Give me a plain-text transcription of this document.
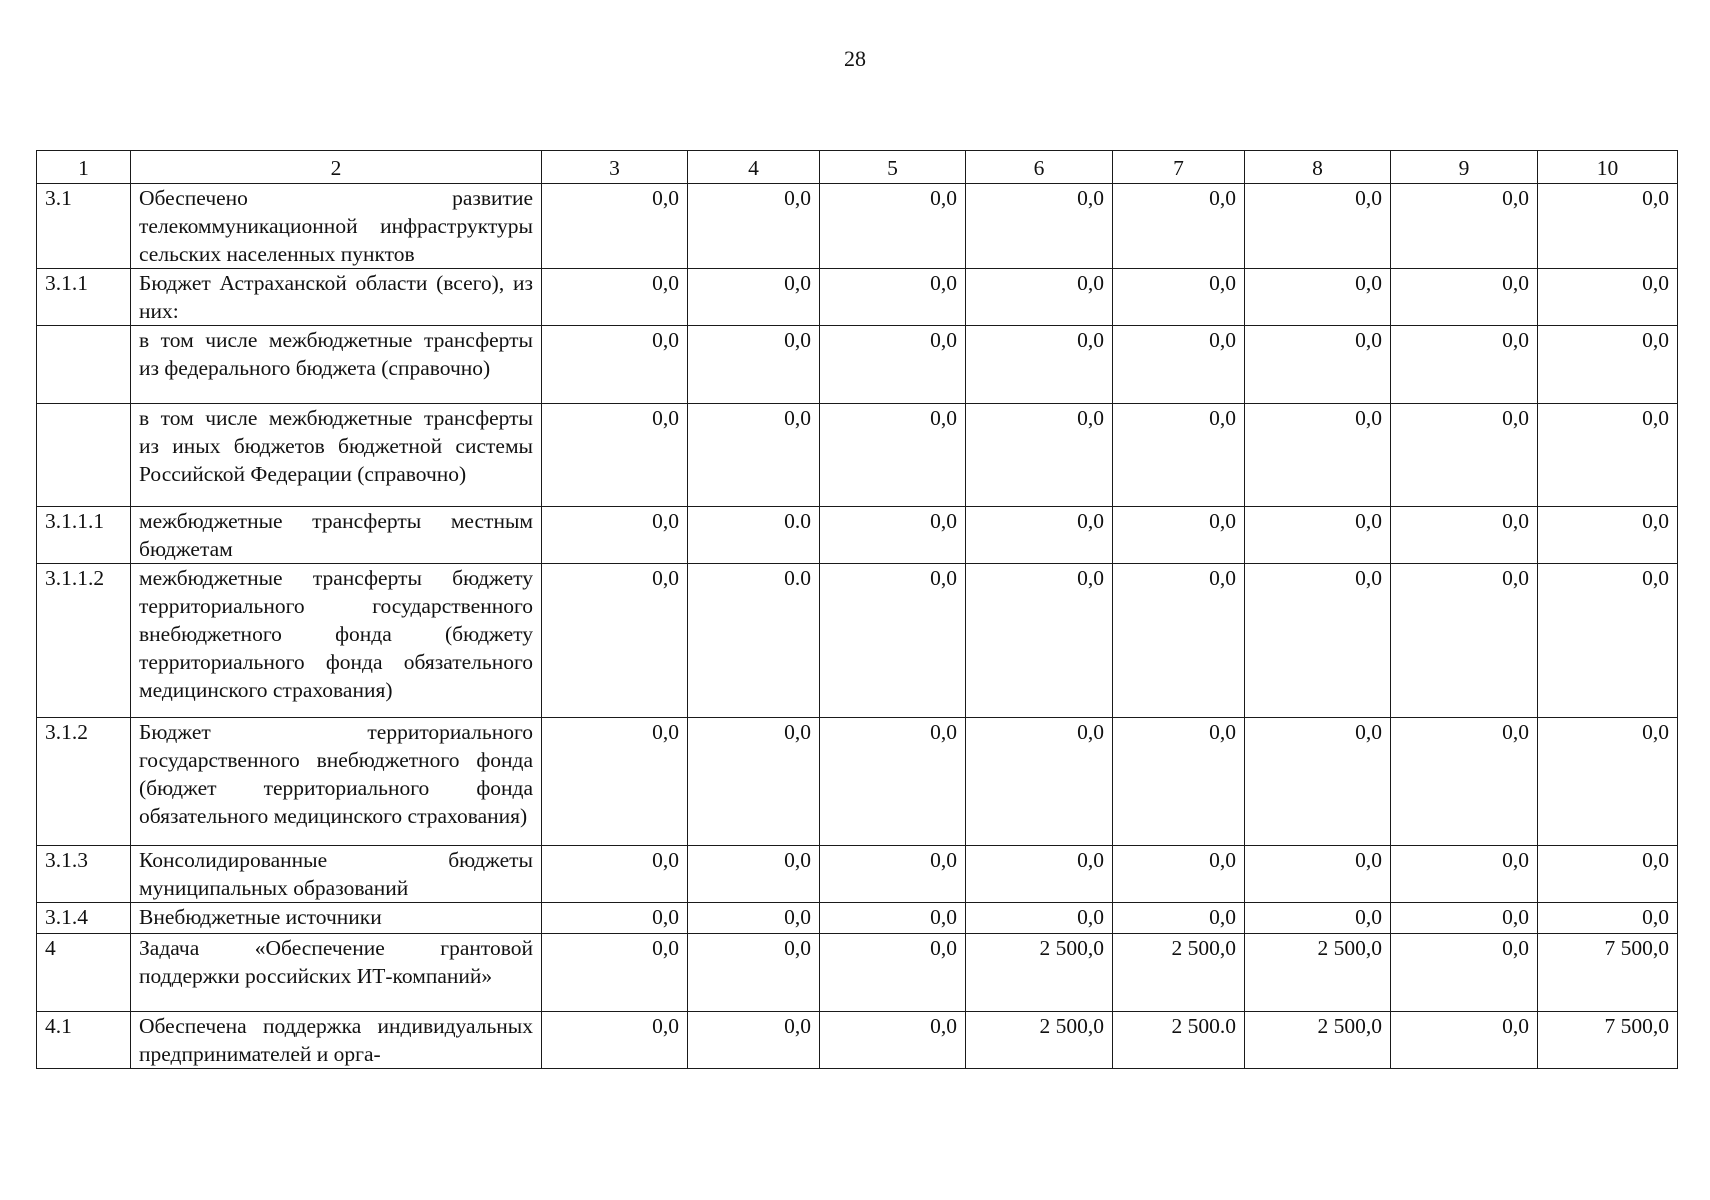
28
1	2	3	4	5	6	7	8	9	10
3.1	Обеспечено развитие телекоммуникационной инфраструктуры сельских населенных пунктов	0,0	0,0	0,0	0,0	0,0	0,0	0,0	0,0
3.1.1	Бюджет Астраханской области (всего), из них:	0,0	0,0	0,0	0,0	0,0	0,0	0,0	0,0
	в том числе межбюджетные трансферты из федерального бюджета (справочно)	0,0	0,0	0,0	0,0	0,0	0,0	0,0	0,0
	в том числе межбюджетные трансферты из иных бюджетов бюджетной системы Российской Федерации (справочно)	0,0	0,0	0,0	0,0	0,0	0,0	0,0	0,0
3.1.1.1	межбюджетные трансферты местным бюджетам	0,0	0.0	0,0	0,0	0,0	0,0	0,0	0,0
3.1.1.2	межбюджетные трансферты бюджету территориального государственного внебюджетного фонда (бюджету территориального фонда обязательного медицинского страхования)	0,0	0.0	0,0	0,0	0,0	0,0	0,0	0,0
3.1.2	Бюджет территориального государственного внебюджетного фонда (бюджет территориального фонда обязательного медицинского страхования)	0,0	0,0	0,0	0,0	0,0	0,0	0,0	0,0
3.1.3	Консолидированные бюджеты муниципальных образований	0,0	0,0	0,0	0,0	0,0	0,0	0,0	0,0
3.1.4	Внебюджетные источники	0,0	0,0	0,0	0,0	0,0	0,0	0,0	0,0
4	Задача «Обеспечение грантовой поддержки российских ИТ-компаний»	0,0	0,0	0,0	2 500,0	2 500,0	2 500,0	0,0	7 500,0
4.1	Обеспечена поддержка индивидуальных предпринимателей и орга-	0,0	0,0	0,0	2 500,0	2 500.0	2 500,0	0,0	7 500,0
